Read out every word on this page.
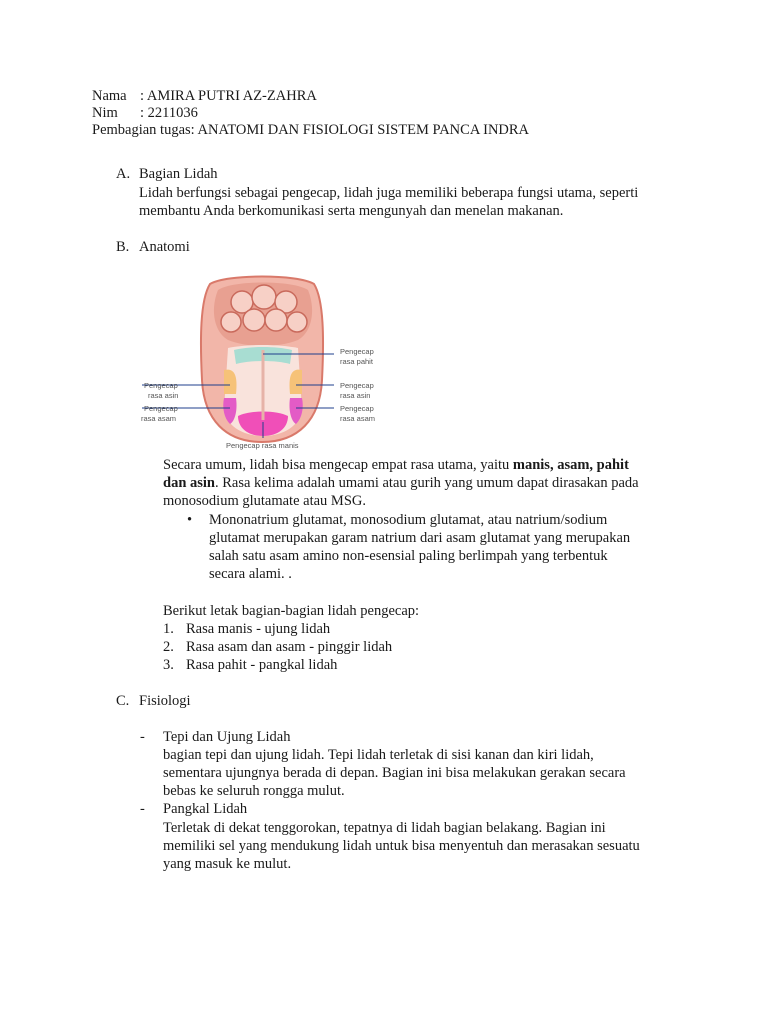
Nama : AMIRA PUTRI AZ-ZAHRA
Nim : 2211036
Pembagian tugas: ANATOMI DAN FISIOLOGI SISTEM PANCA INDRA
A. Bagian Lidah
Lidah berfungsi sebagai pengecap, lidah juga memiliki beberapa fungsi utama, seperti
membantu Anda berkomunikasi serta mengunyah dan menelan makanan.
B. Anatomi
Pengecap
rasa pahit
Pengecap
rasa asin
Pengecap
rasa asam
Pengecap
rasa asin
Pengecap
rasa asam
Pengecap rasa manis
Secara umum, lidah bisa mengecap empat rasa utama, yaitu manis, asam, pahit
dan asin. Rasa kelima adalah umami atau gurih yang umum dapat dirasakan pada
monosodium glutamate atau MSG.
• Mononatrium glutamat, monosodium glutamat, atau natrium/sodium
glutamat merupakan garam natrium dari asam glutamat yang merupakan
salah satu asam amino non-esensial paling berlimpah yang terbentuk
secara alami. .
Berikut letak bagian-bagian lidah pengecap:
1. Rasa manis - ujung lidah
2. Rasa asam dan asam - pinggir lidah
3. Rasa pahit - pangkal lidah
C. Fisiologi
- Tepi dan Ujung Lidah
bagian tepi dan ujung lidah. Tepi lidah terletak di sisi kanan dan kiri lidah,
sementara ujungnya berada di depan. Bagian ini bisa melakukan gerakan secara
bebas ke seluruh rongga mulut.
- Pangkal Lidah
Terletak di dekat tenggorokan, tepatnya di lidah bagian belakang. Bagian ini
memiliki sel yang mendukung lidah untuk bisa menyentuh dan merasakan sesuatu
yang masuk ke mulut.
